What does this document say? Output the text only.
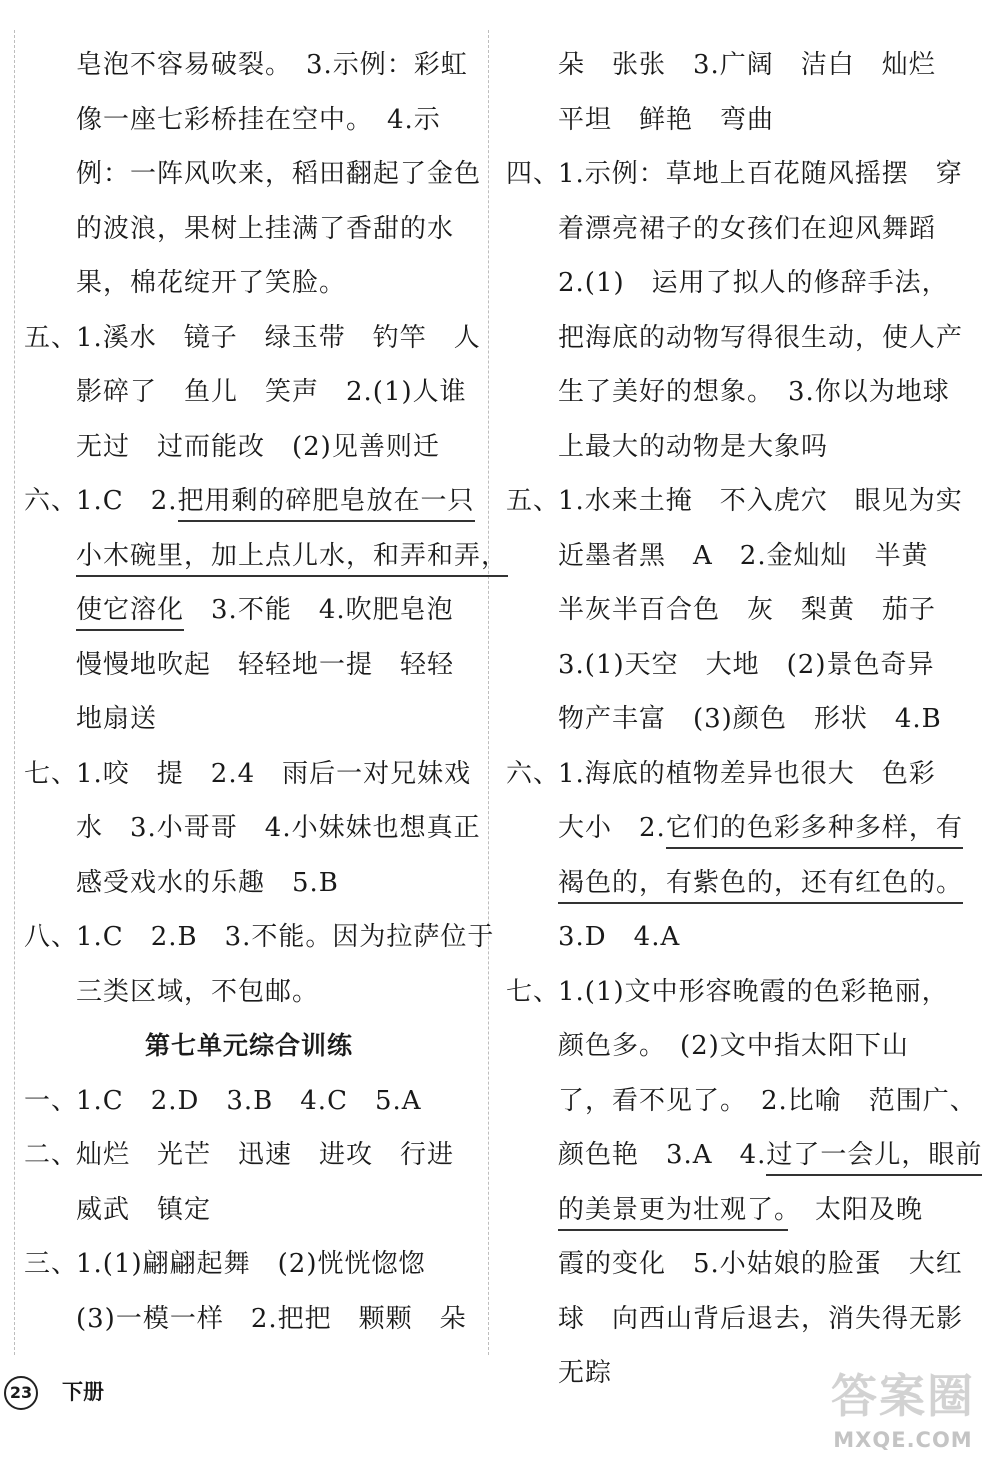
皂泡不容易破裂。　3.示例：彩虹
像一座七彩桥挂在空中。　4.示
例：一阵风吹来，稻田翻起了金色
的波浪，果树上挂满了香甜的水
果，棉花绽开了笑脸。
五、1.溪水　镜子　绿玉带　钓竿　人
影碎了　鱼儿　笑声　2.(1)人谁
无过　过而能改　(2)见善则迁
六、1.C　2.把用剩的碎肥皂放在一只
小木碗里，加上点儿水，和弄和弄，
使它溶化　3.不能　4.吹肥皂泡
慢慢地吹起　轻轻地一提　轻轻
地扇送
七、1.咬　提　2.4　雨后一对兄妹戏
水　3.小哥哥　4.小妹妹也想真正
感受戏水的乐趣　5.B
八、1.C　2.B　3.不能。因为拉萨位于
三类区域，不包邮。
第七单元综合训练
一、1.C　2.D　3.B　4.C　5.A
二、灿烂　光芒　迅速　进攻　行进
威武　镇定
三、1.(1)翩翩起舞　(2)恍恍惚惚
(3)一模一样　2.把把　颗颗　朵
朵　张张　3.广阔　洁白　灿烂
平坦　鲜艳　弯曲
四、1.示例：草地上百花随风摇摆　穿
着漂亮裙子的女孩们在迎风舞蹈
2.(1)　运用了拟人的修辞手法，
把海底的动物写得很生动，使人产
生了美好的想象。　3.你以为地球
上最大的动物是大象吗
五、1.水来土掩　不入虎穴　眼见为实
近墨者黑　A　2.金灿灿　半黄
半灰半百合色　灰　梨黄　茄子
3.(1)天空　大地　(2)景色奇异
物产丰富　(3)颜色　形状　4.B
六、1.海底的植物差异也很大　色彩
大小　2.它们的色彩多种多样，有
褐色的，有紫色的，还有红色的。
3.D　4.A
七、1.(1)文中形容晚霞的色彩艳丽，
颜色多。　(2)文中指太阳下山
了，看不见了。　2.比喻　范围广、
颜色艳　3.A　4.过了一会儿，眼前
的美景更为壮观了。　太阳及晚
霞的变化　5.小姑娘的脸蛋　大红
球　向西山背后退去，消失得无影
无踪
23 下册	答案圈
MXQE.COM
